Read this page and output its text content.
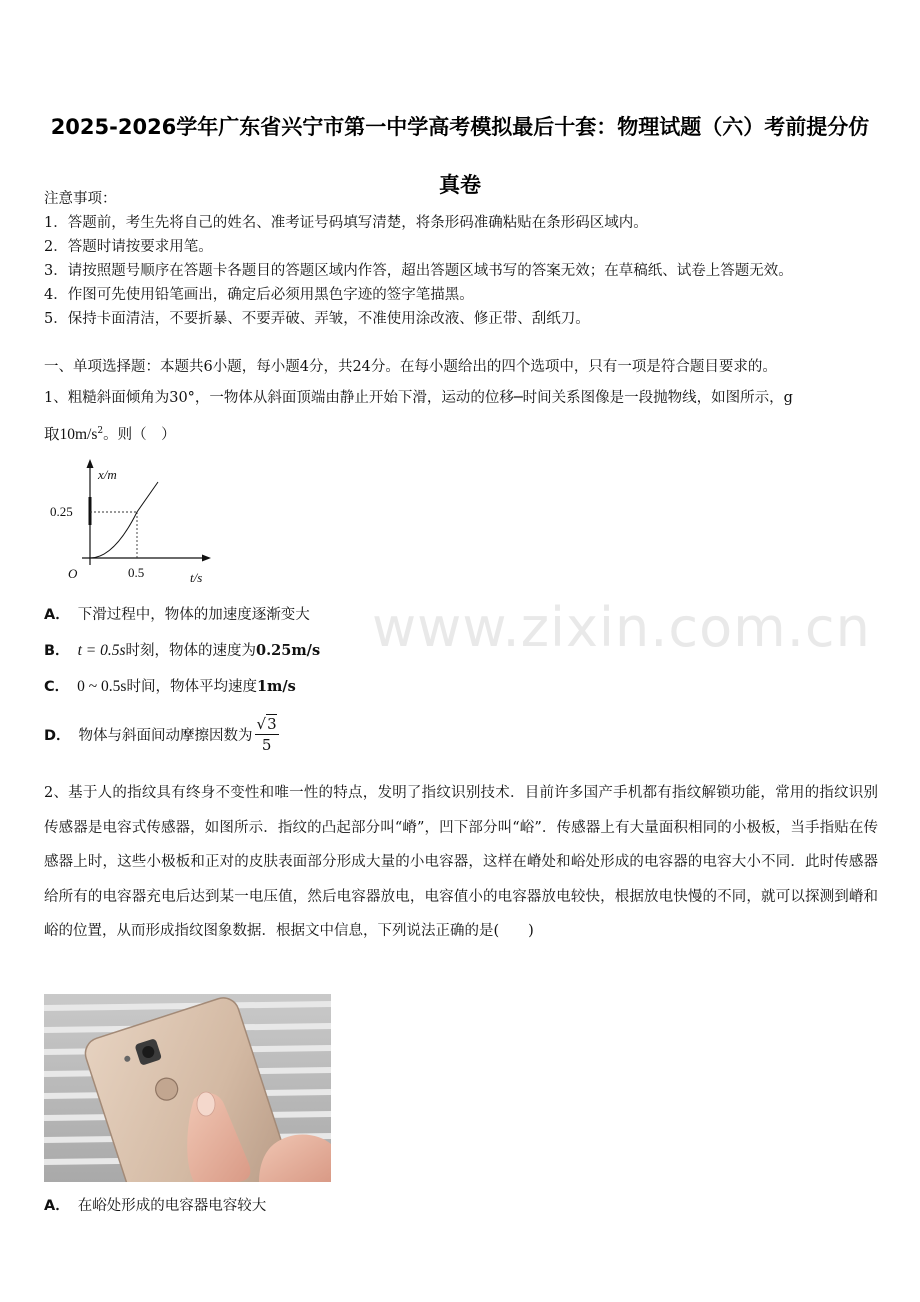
2025-2026学年广东省兴宁市第一中学高考模拟最后十套：物理试题（六）考前提分仿
真卷
注意事项：
1．答题前，考生先将自己的姓名、准考证号码填写清楚，将条形码准确粘贴在条形码区域内。
2．答题时请按要求用笔。
3．请按照题号顺序在答题卡各题目的答题区域内作答，超出答题区域书写的答案无效；在草稿纸、试卷上答题无效。
4．作图可先使用铅笔画出，确定后必须用黑色字迹的签字笔描黑。
5．保持卡面清洁，不要折暴、不要弄破、弄皱，不准使用涂改液、修正带、刮纸刀。
一、单项选择题：本题共6小题，每小题4分，共24分。在每小题给出的四个选项中，只有一项是符合题目要求的。
1、粗糙斜面倾角为30°，一物体从斜面顶端由静止开始下滑，运动的位移─时间关系图像是一段抛物线，如图所示，g
取$10m/s^2$。则（　）
x/m
0.25
O	0.5	t/s
www.zixin.com.cn
A． 下滑过程中，物体的加速度逐渐变大
B． t = 0.5s时刻，物体的速度为0.25m/s
C． 0 ~ 0.5s时间，物体平均速度1m/s
D． 物体与斜面间动摩擦因数为 $\frac{√3}{5}$
2、基于人的指纹具有终身不变性和唯一性的特点，发明了指纹识别技术．目前许多国产手机都有指纹解锁功能，常用的指纹识别传感器是电容式传感器，如图所示．指纹的凸起部分叫“嵴”，凹下部分叫“峪”．传感器上有大量面积相同的小极板，当手指贴在传感器上时，这些小极板和正对的皮肤表面部分形成大量的小电容器，这样在嵴处和峪处形成的电容器的电容大小不同．此时传感器给所有的电容器充电后达到某一电压值，然后电容器放电，电容值小的电容器放电较快，根据放电快慢的不同，就可以探测到嵴和峪的位置，从而形成指纹图象数据．根据文中信息，下列说法正确的是(　　)
A． 在峪处形成的电容器电容较大
